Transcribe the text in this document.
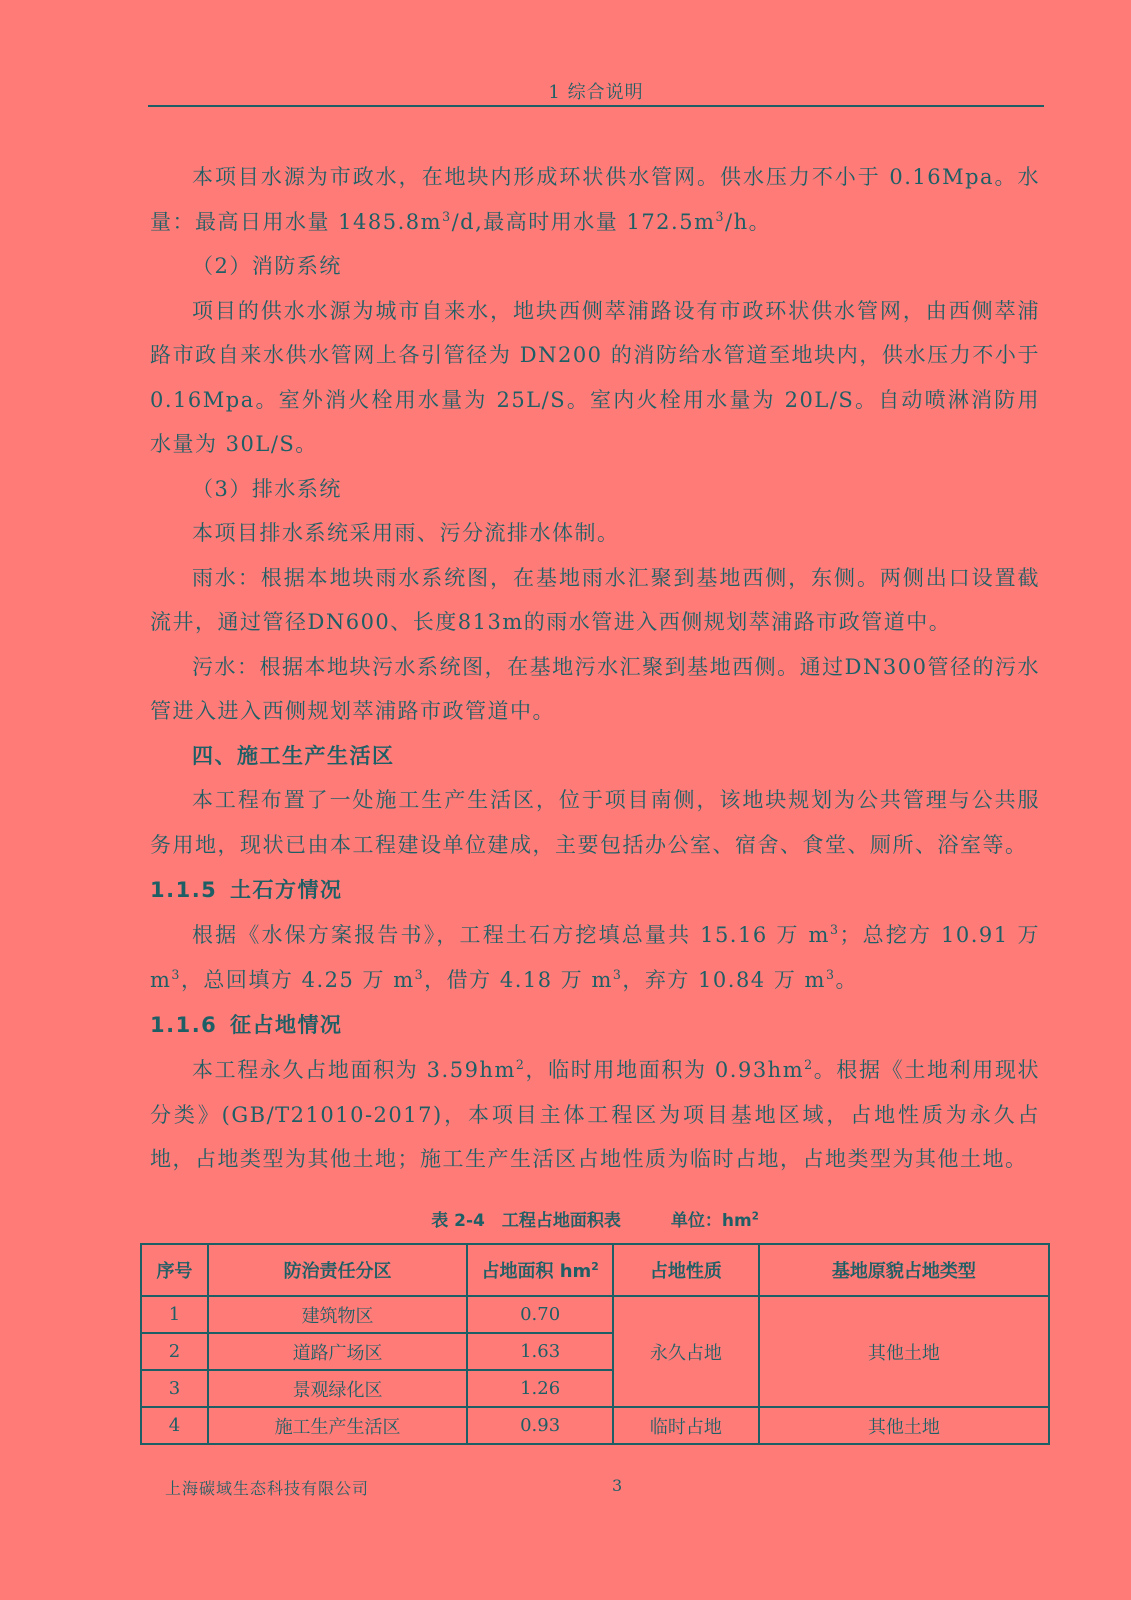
1 综合说明

本项目水源为市政水，在地块内形成环状供水管网。供水压力不小于 0.16Mpa。水量：最高日用水量 $1485.8m^3/d$,最高时用水量 $172.5m^3/h$。

（2）消防系统

项目的供水水源为城市自来水，地块西侧萃浦路设有市政环状供水管网，由西侧萃浦路市政自来水供水管网上各引管径为 DN200 的消防给水管道至地块内，供水压力不小于 0.16Mpa。室外消火栓用水量为 25L/S。室内火栓用水量为 20L/S。自动喷淋消防用水量为 30L/S。

（3）排水系统

本项目排水系统采用雨、污分流排水体制。

雨水：根据本地块雨水系统图，在基地雨水汇聚到基地西侧，东侧。两侧出口设置截流井，通过管径DN600、长度813m的雨水管进入西侧规划萃浦路市政管道中。

污水：根据本地块污水系统图，在基地污水汇聚到基地西侧。通过DN300管径的污水管进入进入西侧规划萃浦路市政管道中。

四、施工生产生活区

本工程布置了一处施工生产生活区，位于项目南侧，该地块规划为公共管理与公共服务用地，现状已由本工程建设单位建成，主要包括办公室、宿舍、食堂、厕所、浴室等。

1.1.5 土石方情况

根据《水保方案报告书》，工程土石方挖填总量共 15.16 万 $m^3$；总挖方 10.91 万 $m^3$，总回填方 4.25 万 $m^3$，借方 4.18 万 $m^3$，弃方 10.84 万 $m^3$。

1.1.6 征占地情况

本工程永久占地面积为 $3.59hm^2$，临时用地面积为 $0.93hm^2$。根据《土地利用现状分类》(GB/T21010-2017)，本项目主体工程区为项目基地区域，占地性质为永久占地，占地类型为其他土地；施工生产生活区占地性质为临时占地，占地类型为其他土地。

表 2-4　工程占地面积表	单位：$hm^2$
序号	防治责任分区	占地面积 $hm^2$	占地性质	基地原貌占地类型
1	建筑物区	0.70	永久占地	其他土地
2	道路广场区	1.63		
3	景观绿化区	1.26		
4	施工生产生活区	0.93	临时占地	其他土地
上海碳域生态科技有限公司	3
